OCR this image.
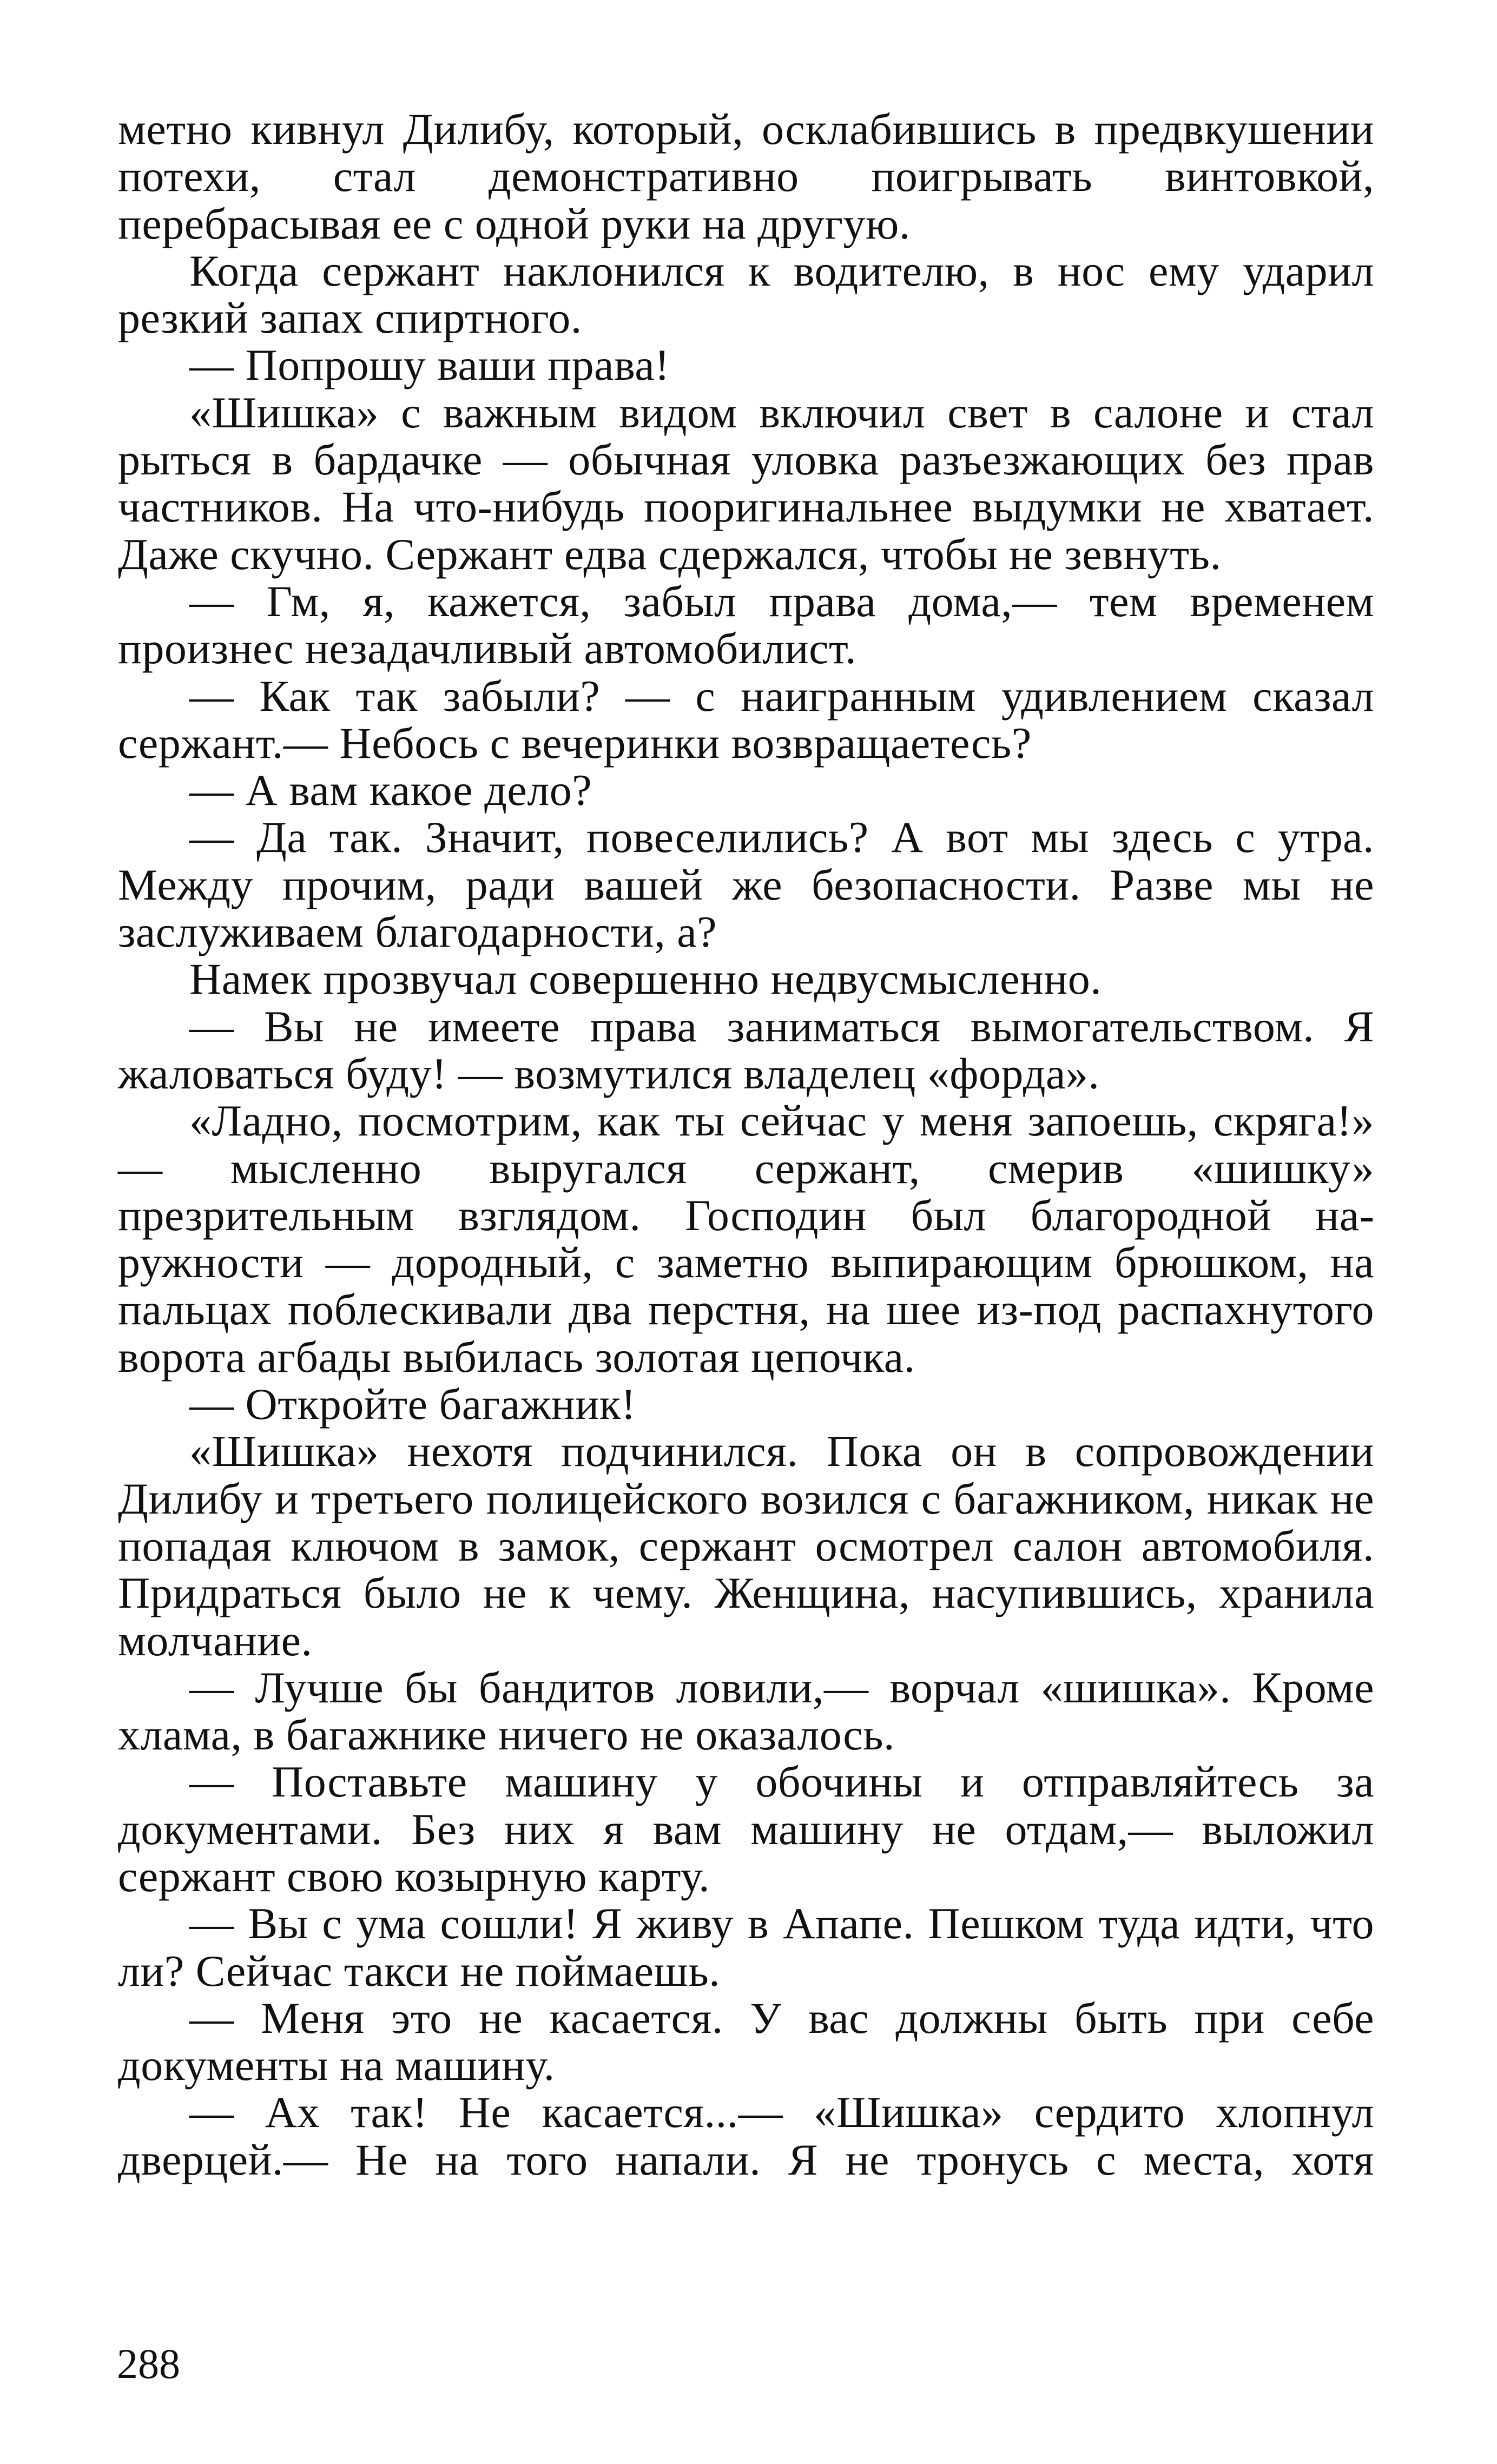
метно кивнул Дилибу, который, осклабившись в предвкушении потехи, стал демонстративно поигрывать винтовкой, перебрасывая ее с одной руки на другую.

Когда сержант наклонился к водителю, в нос ему ударил резкий запах спиртного.

— Попрошу ваши права!

«Шишка» с важным видом включил свет в салоне и стал рыться в бардачке — обычная уловка разъезжающих без прав частников. На что-нибудь пооригинальнее выдумки не хватает. Даже скучно. Сержант едва сдержался, чтобы не зевнуть.

— Гм, я, кажется, забыл права дома,— тем временем произнес незадачливый автомобилист.

— Как так забыли? — с наигранным удивлением сказал сержант.— Небось с вечеринки возвращаетесь?

— А вам какое дело?

— Да так. Значит, повеселились? А вот мы здесь с утра. Между прочим, ради вашей же безопасности. Разве мы не заслуживаем благодарности, а?

Намек прозвучал совершенно недвусмысленно.

— Вы не имеете права заниматься вымогательством. Я жаловаться буду! — возмутился владелец «форда».

«Ладно, посмотрим, как ты сейчас у меня запоешь, скряга!» — мысленно выругался сержант, смерив «шишку» презрительным взглядом. Господин был благородной наружности — дородный, с заметно выпирающим брюшком, на пальцах поблескивали два перстня, на шее из-под распахнутого ворота агбады выбилась золотая цепочка.

— Откройте багажник!

«Шишка» нехотя подчинился. Пока он в сопровождении Дилибу и третьего полицейского возился с багажником, никак не попадая ключом в замок, сержант осмотрел салон автомобиля. Придраться было не к чему. Женщина, насупившись, хранила молчание.

— Лучше бы бандитов ловили,— ворчал «шишка». Кроме хлама, в багажнике ничего не оказалось.

— Поставьте машину у обочины и отправляйтесь за документами. Без них я вам машину не отдам,— выложил сержант свою козырную карту.

— Вы с ума сошли! Я живу в Апапе. Пешком туда идти, что ли? Сейчас такси не поймаешь.

— Меня это не касается. У вас должны быть при себе документы на машину.

— Ах так! Не касается...— «Шишка» сердито хлопнул дверцей.— Не на того напали. Я не тронусь с места, хотя

288
